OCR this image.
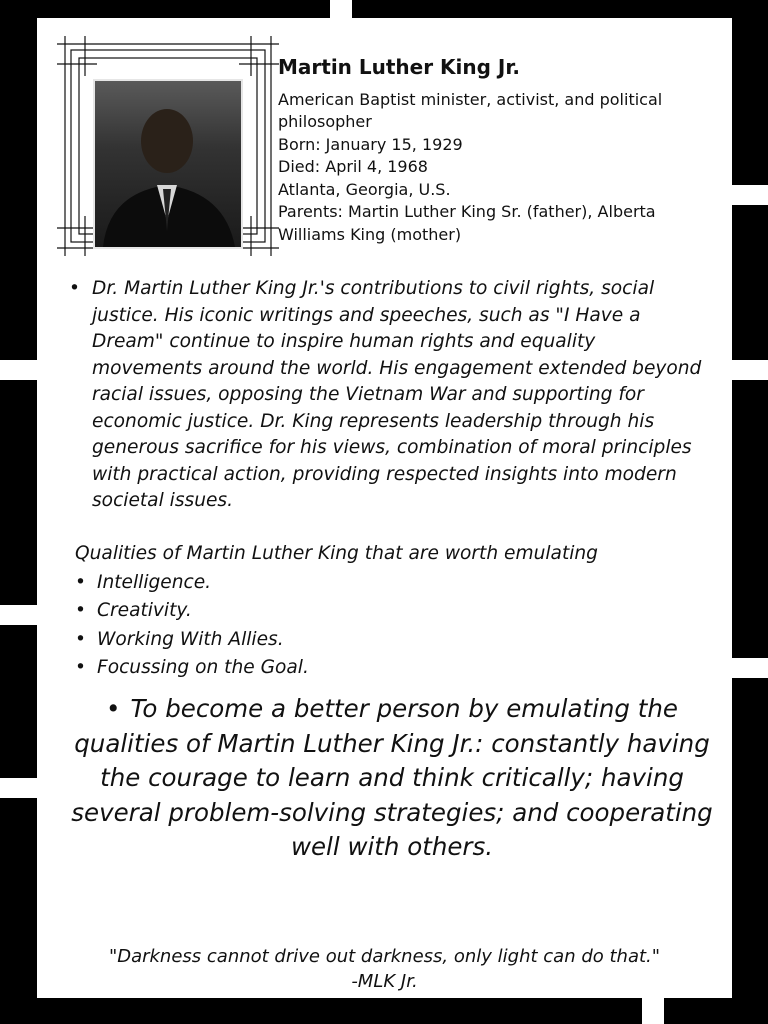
Martin Luther King Jr.
American Baptist minister, activist, and political philosopher
Born: January 15, 1929
Died: April 4, 1968
Atlanta, Georgia, U.S.
Parents: Martin Luther King Sr. (father), Alberta Williams King (mother)
• Dr. Martin Luther King Jr.'s contributions to civil rights, social justice. His iconic writings and speeches, such as "I Have a Dream" continue to inspire human rights and equality movements around the world. His engagement extended beyond racial issues, opposing the Vietnam War and supporting for economic justice. Dr. King represents leadership through his generous sacrifice for his views, combination of moral principles with practical action, providing respected insights into modern societal issues.
Qualities of Martin Luther King that are worth emulating
• Intelligence.
• Creativity.
• Working With Allies.
• Focussing on the Goal.
• To become a better person by emulating the qualities of Martin Luther King Jr.: constantly having the courage to learn and think critically; having several problem-solving strategies; and cooperating well with others.
"Darkness cannot drive out darkness, only light can do that."
-MLK Jr.
